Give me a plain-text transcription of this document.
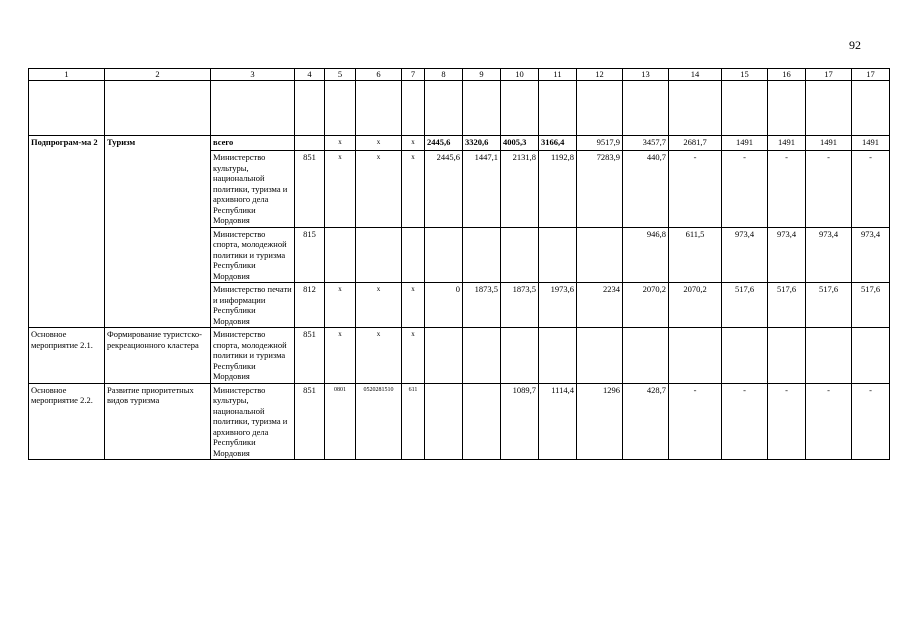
92
1	2	3	4	5	6	7	8	9	10	11	12	13	14	15	16	17	17

Подпрограм-ма 2	Туризм	всего		x	x	x	2445,6	3320,6	4005,3	3166,4	9517,9	3457,7	2681,7	1491	1491	1491	1491
		Министерство культуры, национальной политики, туризма и архивного дела Республики Мордовия	851	x	x	x	2445,6	1447,1	2131,8	1192,8	7283,9	440,7	-	-	-	-	-
		Министерство спорта, молодежной политики и туризма Республики Мордовия	815									946,8	611,5	973,4	973,4	973,4	973,4
		Министерство печати и информации Республики Мордовия	812	x	x	x	0	1873,5	1873,5	1973,6	2234	2070,2	2070,2	517,6	517,6	517,6	517,6
Основное мероприятие 2.1.	Формирование туристско-рекреационного кластера	Министерство спорта, молодежной политики и туризма Республики Мордовия	851	x	x	x											
Основное мероприятие 2.2.	Развитие приоритетных видов туризма	Министерство культуры, национальной политики, туризма и архивного дела Республики Мордовия	851	0801	0520281510	611			1089,7	1114,4	1296	428,7	-	-	-	-	-
